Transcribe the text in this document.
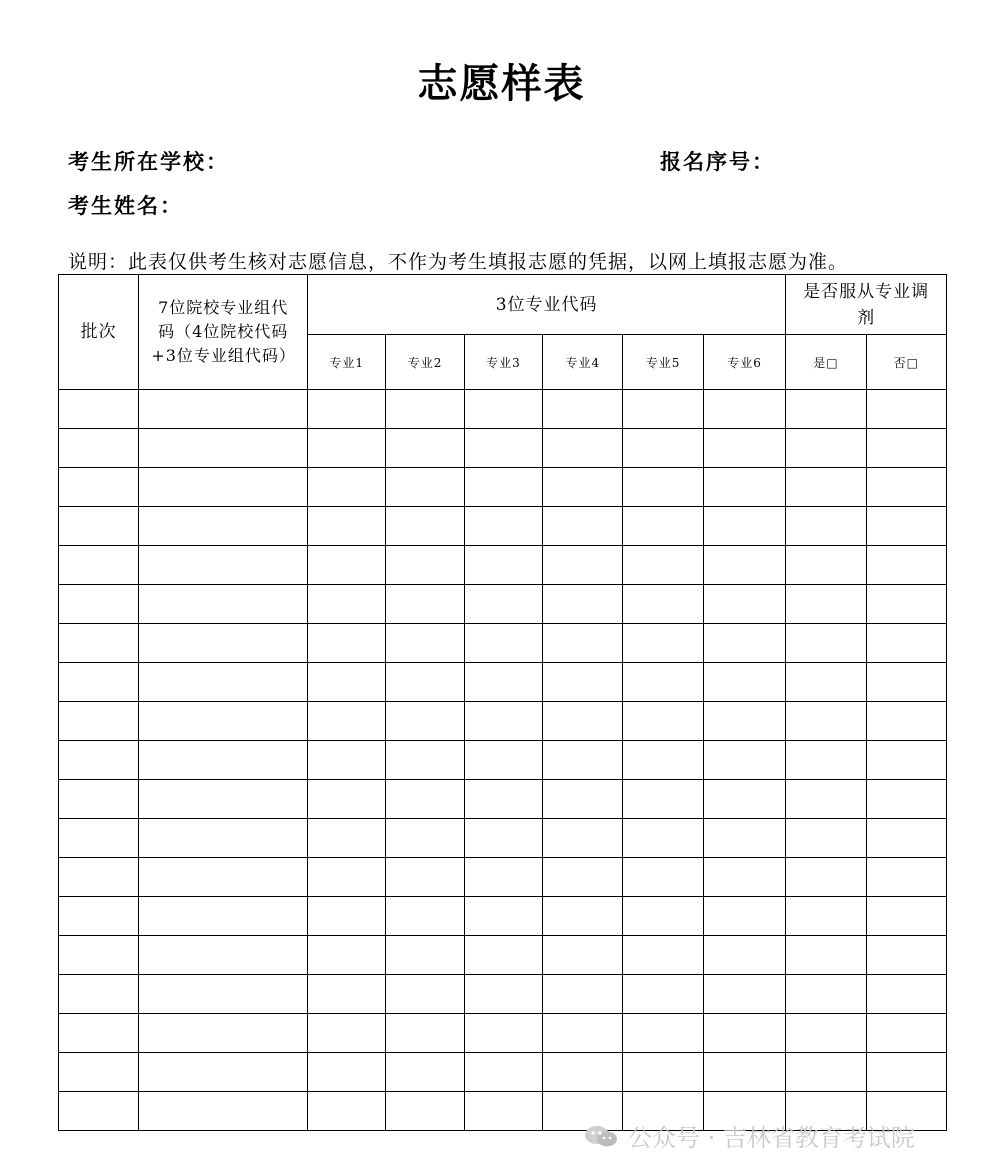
志愿样表
考生所在学校：	报名序号：
考生姓名：
说明：此表仅供考生核对志愿信息，不作为考生填报志愿的凭据，以网上填报志愿为准。
批次	7位院校专业组代码（4位院校代码+3位专业组代码）	3位专业代码						是否服从专业调剂	
		专业1	专业2	专业3	专业4	专业5	专业6	是□	否□

公众号 · 吉林省教育考试院
